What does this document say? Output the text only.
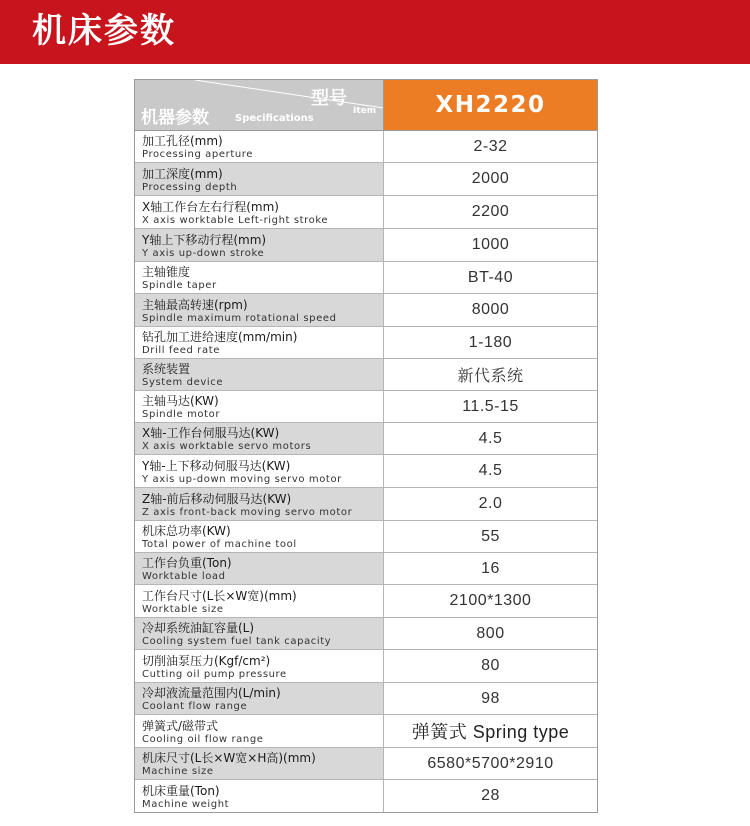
机床参数
型号
Item
机器参数	Specifications
XH2220
加工孔径(mm)
Processing aperture	2-32
加工深度(mm)
Processing depth	2000
X轴工作台左右行程(mm)
X axis worktable Left-right stroke	2200
Y轴上下移动行程(mm)
Y axis up-down stroke	1000
主轴锥度
Spindle taper	BT-40
主轴最高转速(rpm)
Spindle maximum rotational speed	8000
钻孔加工进给速度(mm/min)
Drill feed rate	1-180
系统装置
System device	新代系统
主轴马达(KW)
Spindle motor	11.5-15
X轴-工作台伺服马达(KW)
X axis worktable servo motors	4.5
Y轴-上下移动伺服马达(KW)
Y axis up-down moving servo motor	4.5
Z轴-前后移动伺服马达(KW)
Z axis front-back moving servo motor	2.0
机床总功率(KW)
Total power of machine tool	55
工作台负重(Ton)
Worktable load	16
工作台尺寸(L长×W宽)(mm)
Worktable size	2100*1300
冷却系统油缸容量(L)
Cooling system fuel tank capacity	800
切削油泵压力(Kgf/cm²)
Cutting oil pump pressure	80
冷却液流量范围内(L/min)
Coolant flow range	98
弹簧式/磁带式
Cooling oil flow range	弹簧式 Spring type
机床尺寸(L长×W宽×H高)(mm)
Machine size	6580*5700*2910
机床重量(Ton)
Machine weight	28
